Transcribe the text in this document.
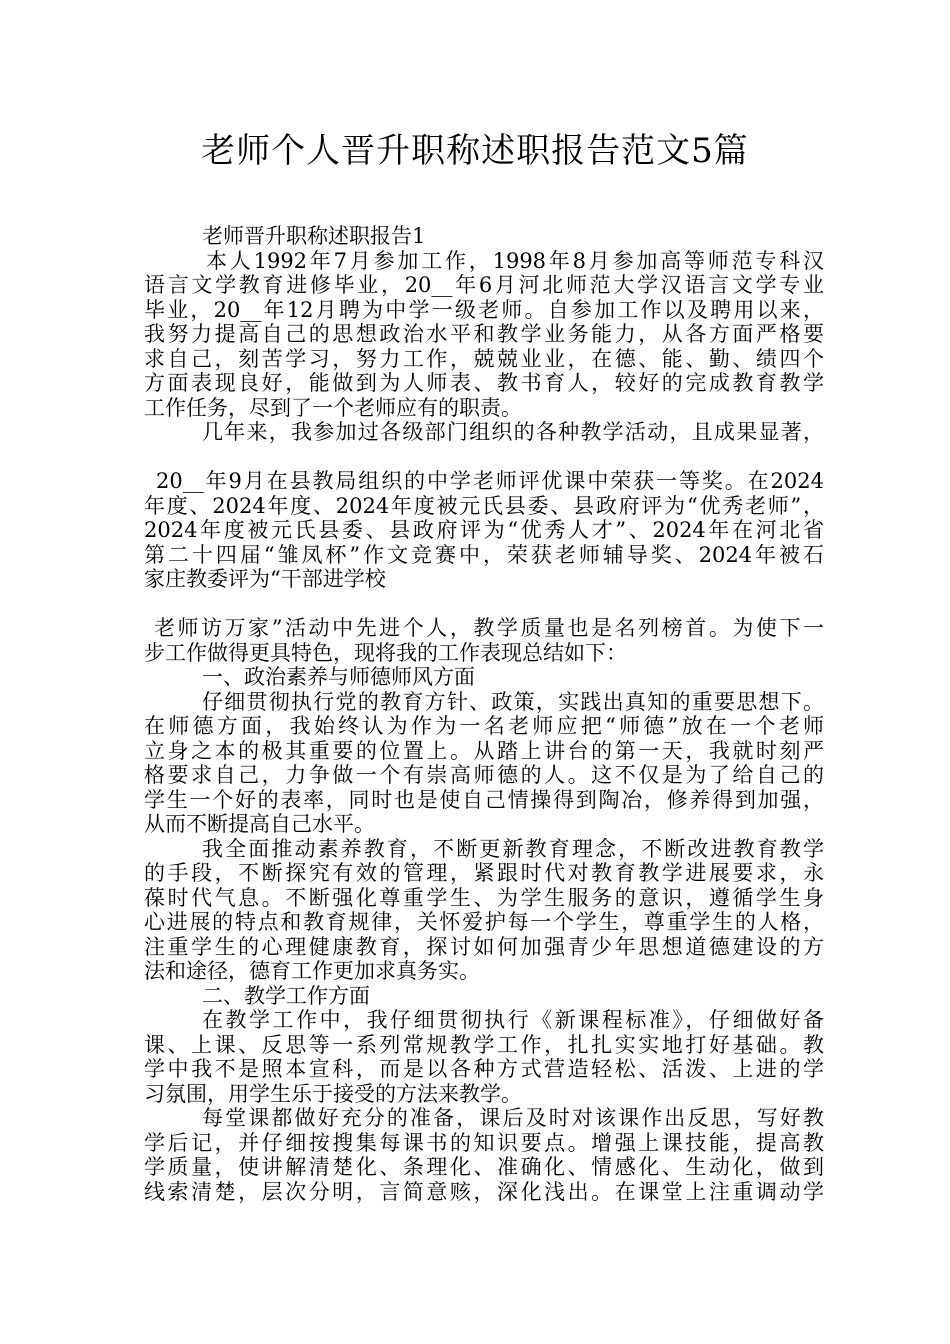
老师个人晋升职称述职报告范文5篇
老师晋升职称述职报告1
本人1992年7月参加工作，1998年8月参加高等师范专科汉
语言文学教育进修毕业，20__年6月河北师范大学汉语言文学专业
毕业，20__年12月聘为中学一级老师。自参加工作以及聘用以来，
我努力提高自己的思想政治水平和教学业务能力，从各方面严格要
求自己，刻苦学习，努力工作，兢兢业业，在德、能、勤、绩四个
方面表现良好，能做到为人师表、教书育人，较好的完成教育教学
工作任务，尽到了一个老师应有的职责。
几年来，我参加过各级部门组织的各种教学活动，且成果显著，
20__年9月在县教局组织的中学老师评优课中荣获一等奖。在2024
年度、2024年度、2024年度被元氏县委、县政府评为“优秀老师”，
2024年度被元氏县委、县政府评为“优秀人才”、2024年在河北省
第二十四届“雏凤杯”作文竞赛中，荣获老师辅导奖、2024年被石
家庄教委评为“干部进学校
老师访万家”活动中先进个人，教学质量也是名列榜首。为使下一
步工作做得更具特色，现将我的工作表现总结如下：
一、政治素养与师德师风方面
仔细贯彻执行党的教育方针、政策，实践出真知的重要思想下。
在师德方面，我始终认为作为一名老师应把“师德”放在一个老师
立身之本的极其重要的位置上。从踏上讲台的第一天，我就时刻严
格要求自己，力争做一个有崇高师德的人。这不仅是为了给自己的
学生一个好的表率，同时也是使自己情操得到陶冶，修养得到加强，
从而不断提高自己水平。
我全面推动素养教育，不断更新教育理念，不断改进教育教学
的手段，不断探究有效的管理，紧跟时代对教育教学进展要求，永
葆时代气息。不断强化尊重学生、为学生服务的意识，遵循学生身
心进展的特点和教育规律，关怀爱护每一个学生，尊重学生的人格，
注重学生的心理健康教育，探讨如何加强青少年思想道德建设的方
法和途径，德育工作更加求真务实。
二、教学工作方面
在教学工作中，我仔细贯彻执行《新课程标准》，仔细做好备
课、上课、反思等一系列常规教学工作，扎扎实实地打好基础。教
学中我不是照本宣科，而是以各种方式营造轻松、活泼、上进的学
习氛围，用学生乐于接受的方法来教学。
每堂课都做好充分的准备，课后及时对该课作出反思，写好教
学后记，并仔细按搜集每课书的知识要点。增强上课技能，提高教
学质量，使讲解清楚化、条理化、准确化、情感化、生动化，做到
线索清楚，层次分明，言简意赅，深化浅出。在课堂上注重调动学
